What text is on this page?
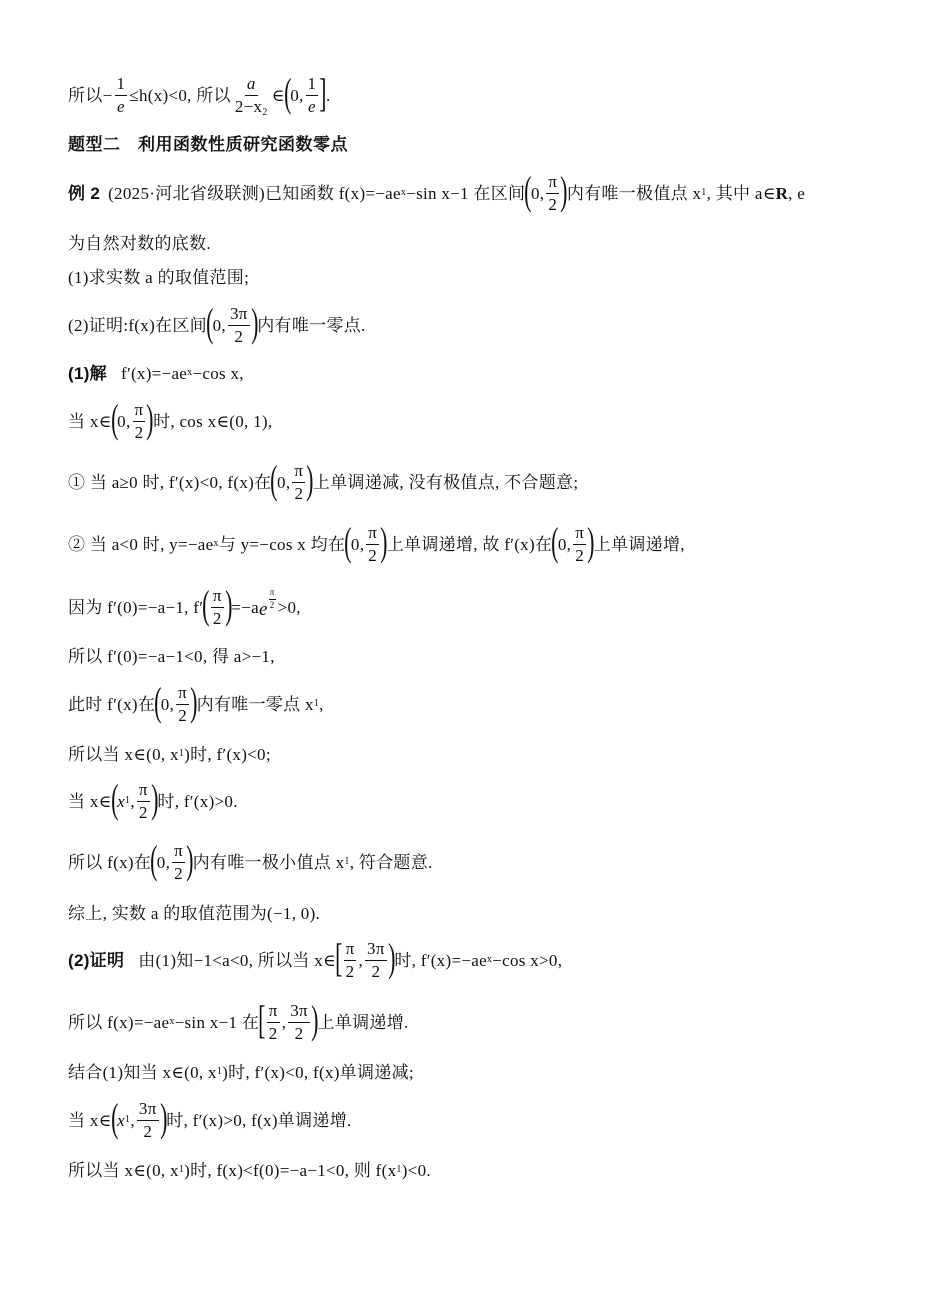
所以− $\frac{1}{e} \le h(x)<0$, 所以 $\frac{a}{2-x_2}$ ∈ ( 0, $\frac{1}{e}$ ] .
题型二　利用函数性质研究函数零点
例 2 (2025·河北省级联测) 已知函数 f(x)=−ae x −sin x−1 在区间 ( 0 , $\frac{\pi}{2}$ ) 内有唯一极值点 x 1 , 其中 a∈ R , e
为自然对数的底数.
(1)求实数 a 的取值范围;
(2)证明:f(x)在区间 ( 0 , $\frac{3\pi}{2}$ ) 内有唯一零点.
(1)解 f′(x)=−ae x −cos x,
当 x∈ ( 0 , $\frac{\pi}{2}$ ) 时, cos x∈(0, 1),
① 当 a≥0 时, f′(x)<0, f(x)在 ( 0 , $\frac{\pi}{2}$ ) 上单调递减, 没有极值点, 不合题意;
② 当 a<0 时, y=−ae x 与 y=−cos x 均在 ( 0 , $\frac{\pi}{2}$ ) 上单调递增, 故 f′(x)在 ( 0 , $\frac{\pi}{2}$ ) 上单调递增,
因为 f′(0)=−a−1, f′ ( $\frac{\pi}{2}$ ) =−a e $\frac{\pi}{2} >0$,
所以 f′(0)=−a−1<0, 得 a>−1,
此时 f′(x)在 ( 0 , $\frac{\pi}{2}$ ) 内有唯一零点 x 1 ,
所以当 x∈(0, x 1 )时, f′(x)<0;
当 x∈ ( x 1 , $\frac{\pi}{2}$ ) 时, f′(x)>0.
所以 f(x)在 ( 0 , $\frac{\pi}{2}$ ) 内有唯一极小值点 x 1 , 符合题意.
综上, 实数 a 的取值范围为(−1, 0).
(2)证明 由(1)知−1<a<0, 所以当 x∈ [ $\frac{\pi}{2}$ , $\frac{3\pi}{2}$ ) 时, f′(x)=−ae x −cos x>0,
所以 f(x)=−ae x −sin x−1 在 [ $\frac{\pi}{2}$ , $\frac{3\pi}{2}$ ) 上单调递增.
结合(1)知当 x∈(0, x 1 )时, f′(x)<0, f(x)单调递减;
当 x∈ ( x 1 , $\frac{3\pi}{2}$ ) 时, f′(x)>0, f(x)单调递增.
所以当 x∈(0, x 1 )时, f(x)<f(0)=−a−1<0, 则 f(x 1 )<0.
